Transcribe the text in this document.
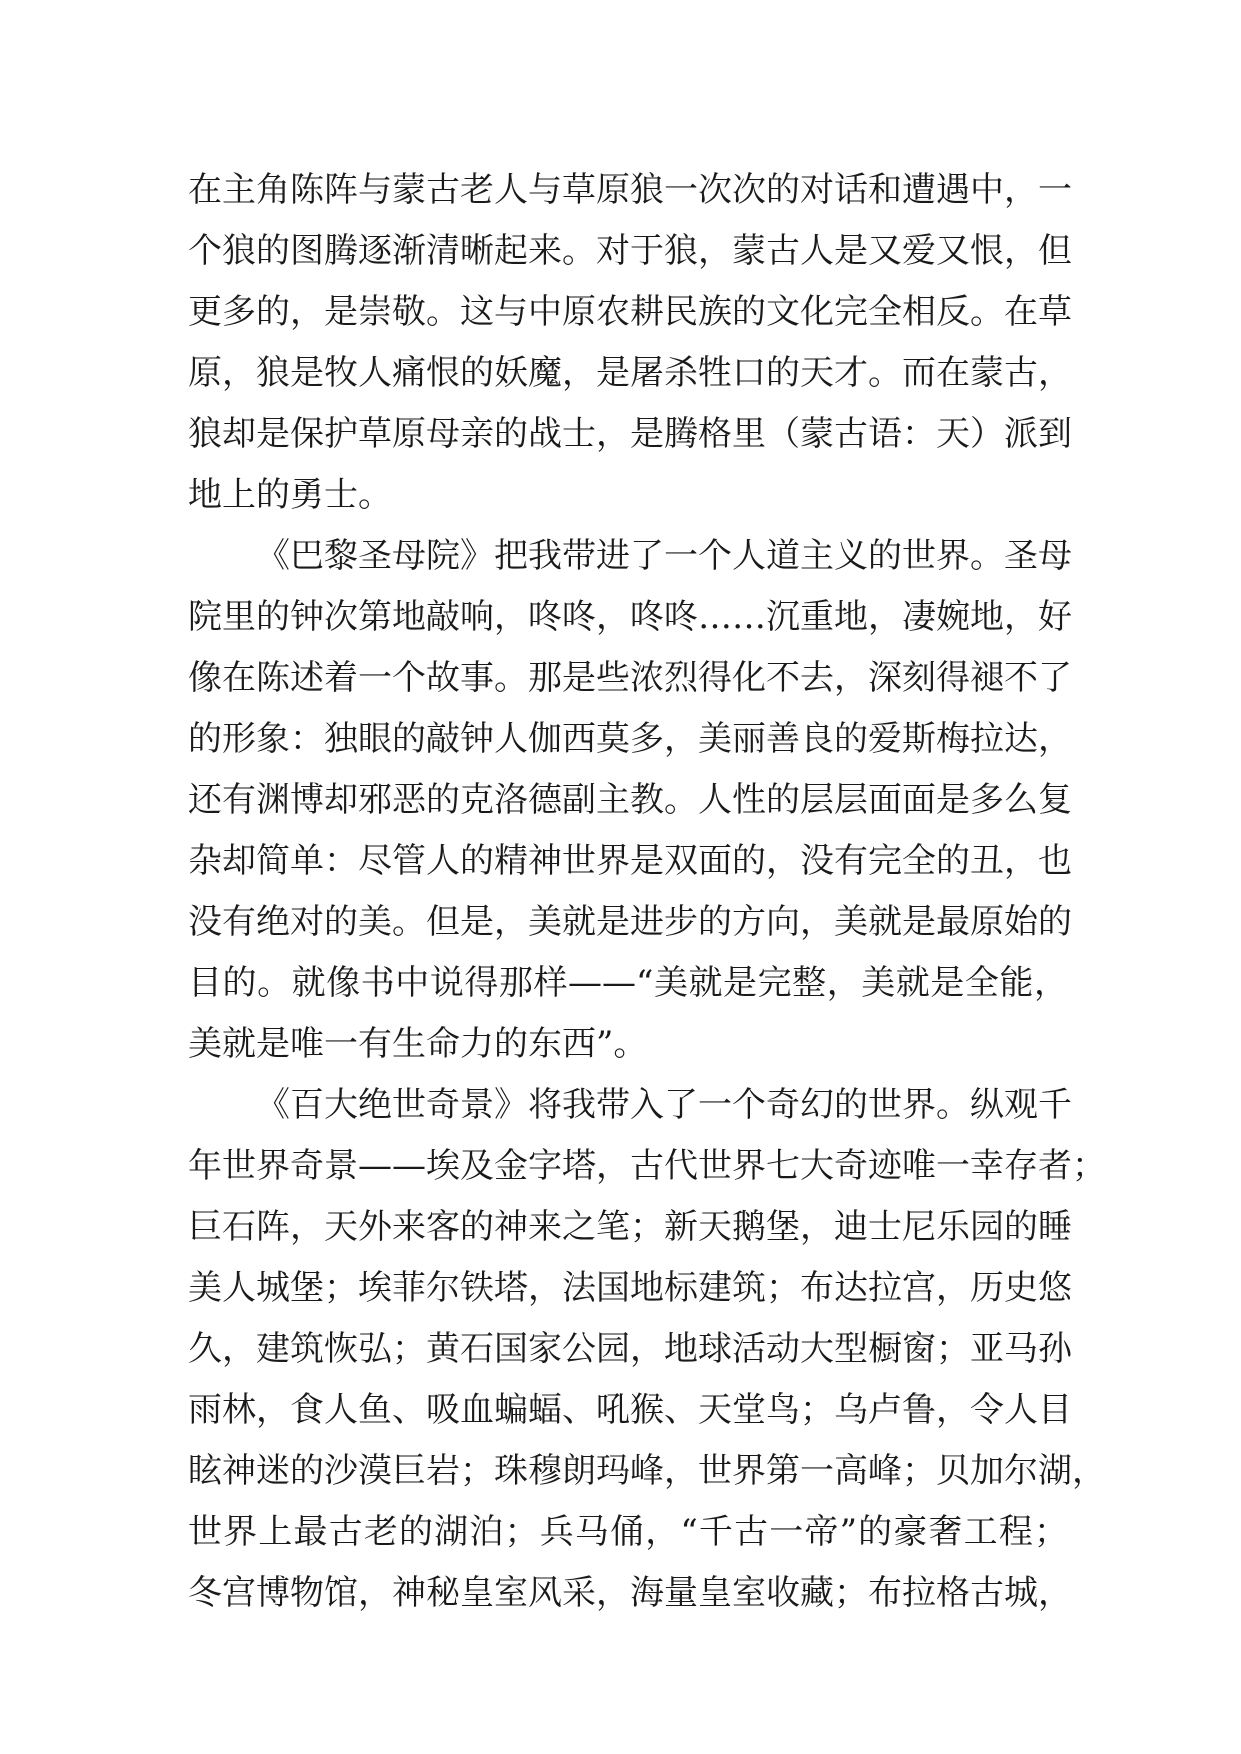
在主角陈阵与蒙古老人与草原狼一次次的对话和遭遇中，一
个狼的图腾逐渐清晰起来。对于狼，蒙古人是又爱又恨，但
更多的，是崇敬。这与中原农耕民族的文化完全相反。在草
原，狼是牧人痛恨的妖魔，是屠杀牲口的天才。而在蒙古，
狼却是保护草原母亲的战士，是腾格里（蒙古语：天）派到
地上的勇士。
《巴黎圣母院》把我带进了一个人道主义的世界。圣母
院里的钟次第地敲响，咚咚，咚咚……沉重地，凄婉地，好
像在陈述着一个故事。那是些浓烈得化不去，深刻得褪不了
的形象：独眼的敲钟人伽西莫多，美丽善良的爱斯梅拉达，
还有渊博却邪恶的克洛德副主教。人性的层层面面是多么复
杂却简单：尽管人的精神世界是双面的，没有完全的丑，也
没有绝对的美。但是，美就是进步的方向，美就是最原始的
目的。就像书中说得那样——“美就是完整，美就是全能，
美就是唯一有生命力的东西”。
《百大绝世奇景》将我带入了一个奇幻的世界。纵观千
年世界奇景——埃及金字塔，古代世界七大奇迹唯一幸存者；
巨石阵，天外来客的神来之笔；新天鹅堡，迪士尼乐园的睡
美人城堡；埃菲尔铁塔，法国地标建筑；布达拉宫，历史悠
久，建筑恢弘；黄石国家公园，地球活动大型橱窗；亚马孙
雨林，食人鱼、吸血蝙蝠、吼猴、天堂鸟；乌卢鲁，令人目
眩神迷的沙漠巨岩；珠穆朗玛峰，世界第一高峰；贝加尔湖，
世界上最古老的湖泊；兵马俑，“千古一帝”的豪奢工程；
冬宫博物馆，神秘皇室风采，海量皇室收藏；布拉格古城，
